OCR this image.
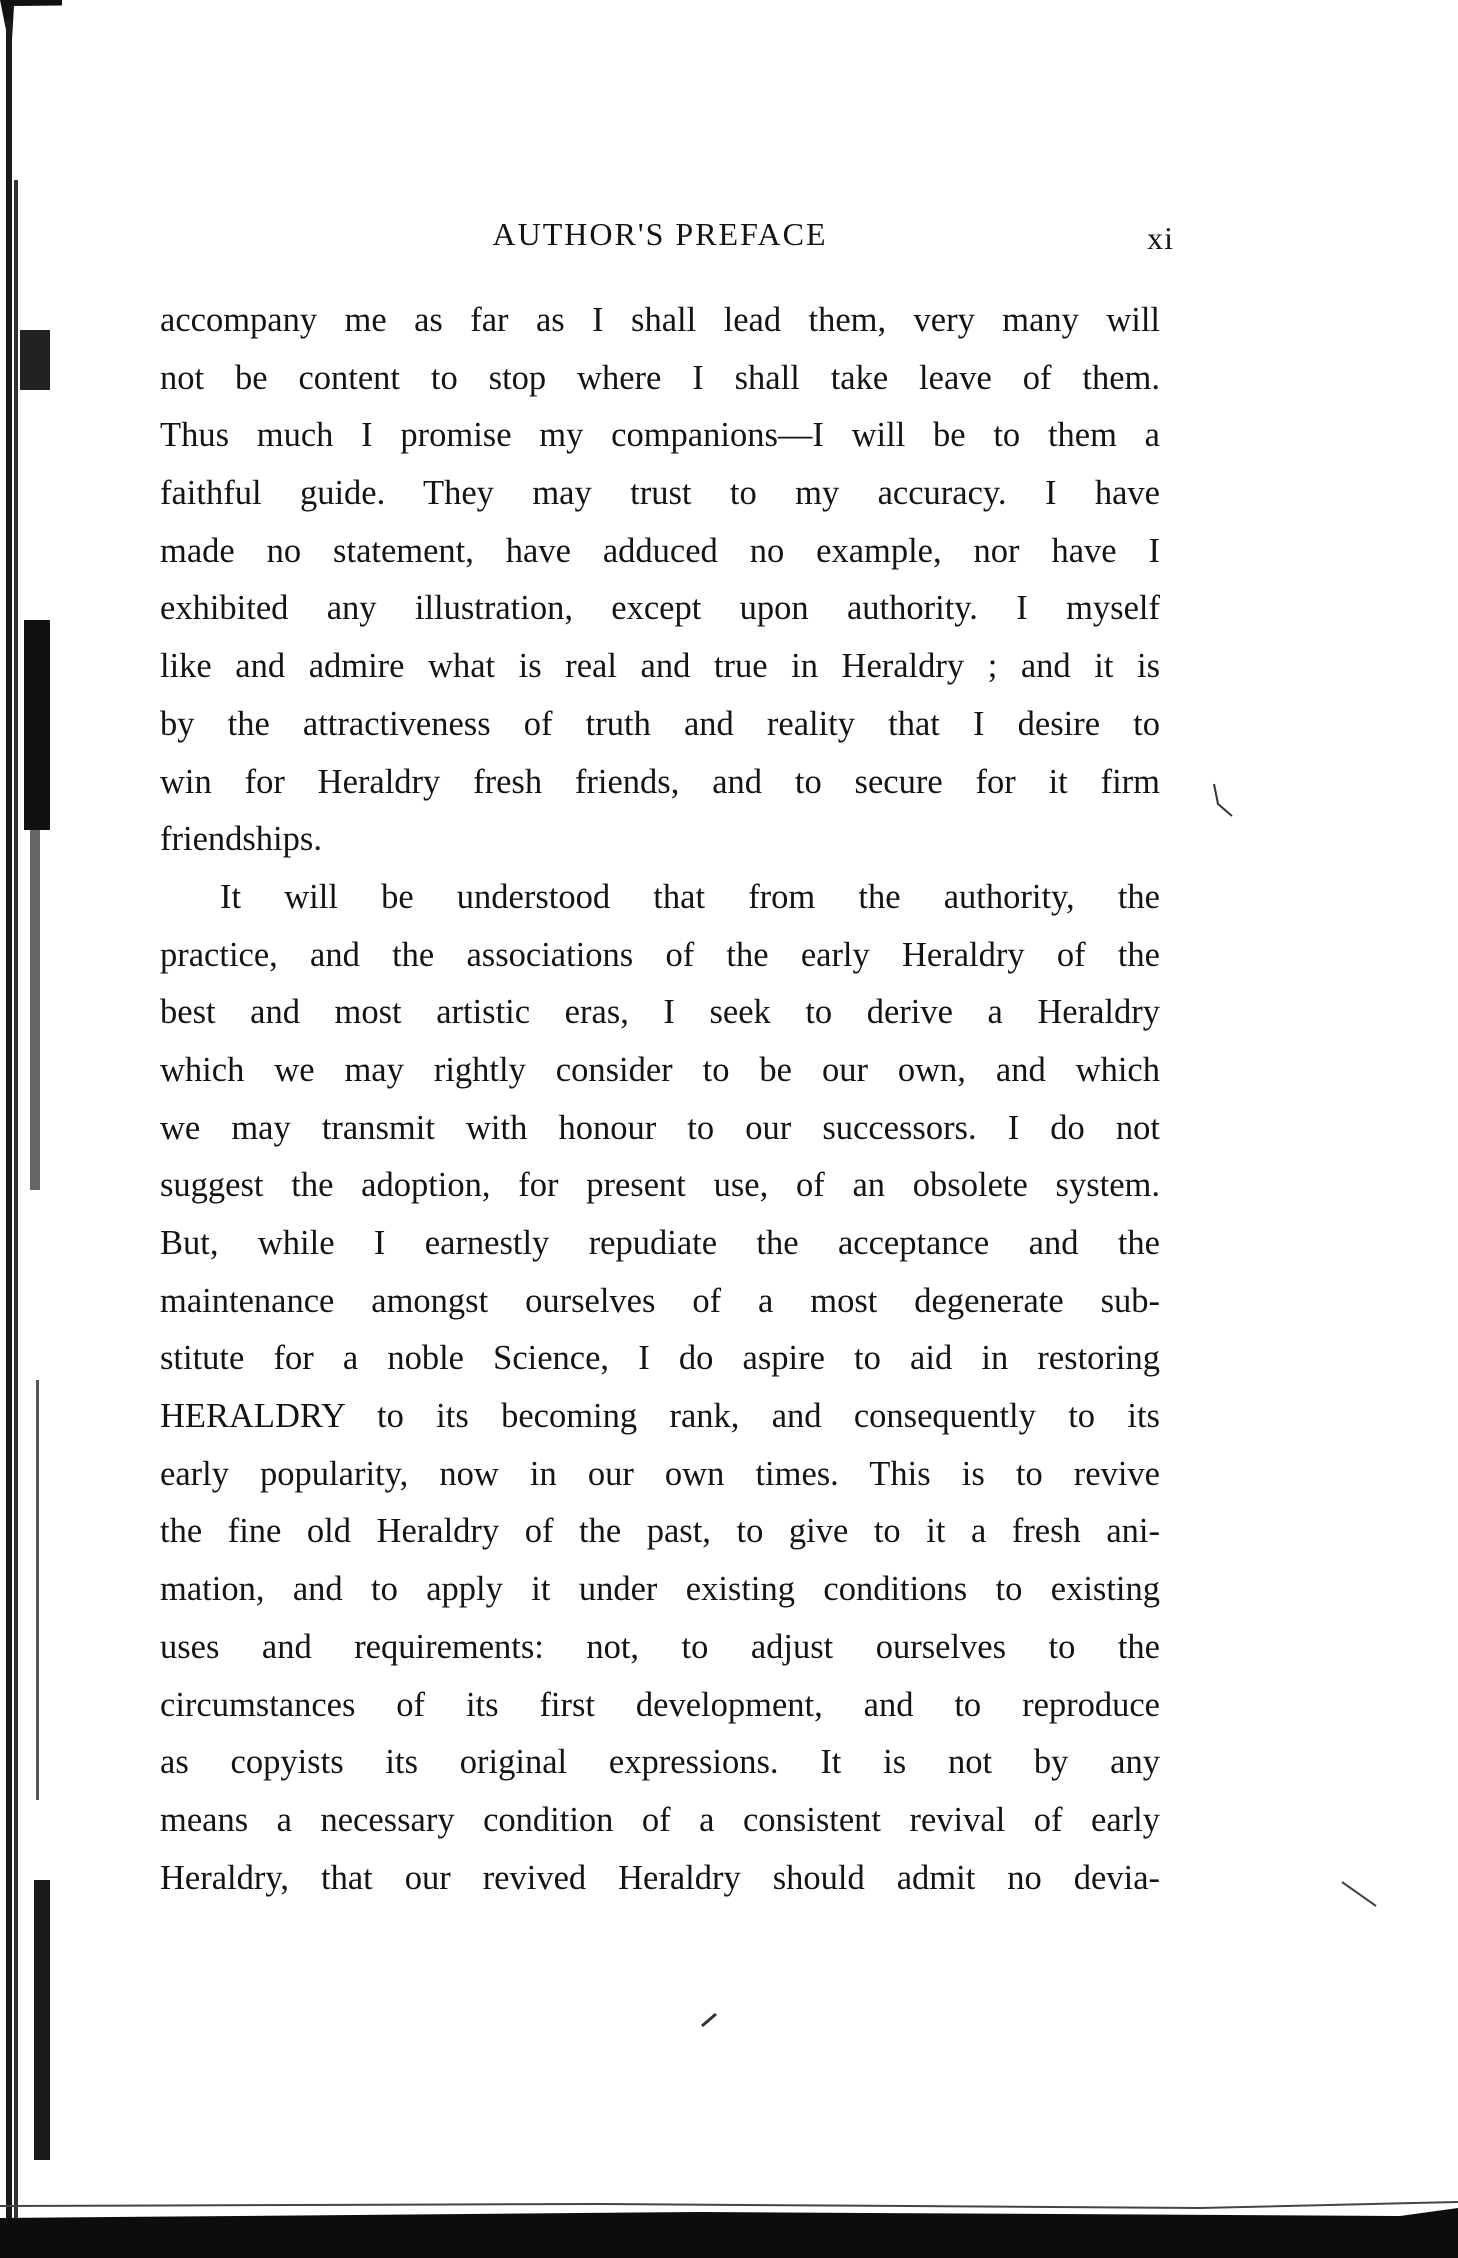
AUTHOR'S PREFACE	xi
accompany me as far as I shall lead them, very many will
not be content to stop where I shall take leave of them.
Thus much I promise my companions—I will be to them a
faithful guide. They may trust to my accuracy. I have
made no statement, have adduced no example, nor have I
exhibited any illustration, except upon authority. I myself
like and admire what is real and true in Heraldry ; and it is
by the attractiveness of truth and reality that I desire to
win for Heraldry fresh friends, and to secure for it firm
friendships.
It will be understood that from the authority, the
practice, and the associations of the early Heraldry of the
best and most artistic eras, I seek to derive a Heraldry
which we may rightly consider to be our own, and which
we may transmit with honour to our successors. I do not
suggest the adoption, for present use, of an obsolete system.
But, while I earnestly repudiate the acceptance and the
maintenance amongst ourselves of a most degenerate sub-
stitute for a noble Science, I do aspire to aid in restoring
HERALDRY to its becoming rank, and consequently to its
early popularity, now in our own times. This is to revive
the fine old Heraldry of the past, to give to it a fresh ani-
mation, and to apply it under existing conditions to existing
uses and requirements: not, to adjust ourselves to the
circumstances of its first development, and to reproduce
as copyists its original expressions. It is not by any
means a necessary condition of a consistent revival of early
Heraldry, that our revived Heraldry should admit no devia-
